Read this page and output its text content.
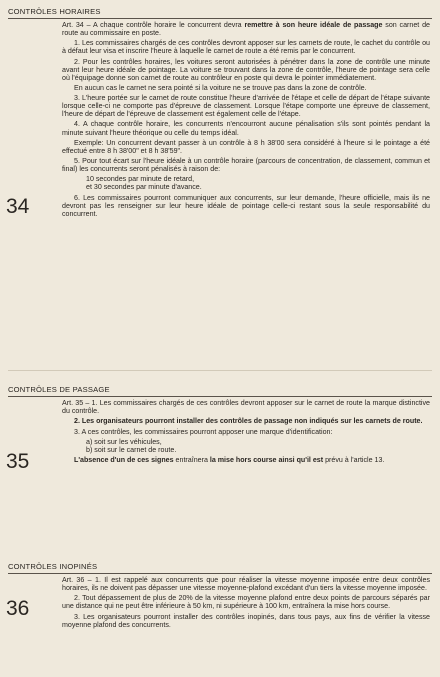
CONTRÔLES HORAIRES
34

Art. 34 – A chaque contrôle horaire le concurrent devra remettre à son heure idéale de passage son carnet de route au commissaire en poste.

1. Les commissaires chargés de ces contrôles devront apposer sur les carnets de route, le cachet du contrôle ou à défaut leur visa et inscrire l'heure à laquelle le carnet de route a été remis par le concurrent.

2. Pour les contrôles horaires, les voitures seront autorisées à pénétrer dans la zone de contrôle une minute avant leur heure idéale de pointage. La voiture se trouvant dans la zone de contrôle, l'heure de pointage sera celle où l'équipage donne son carnet de route au contrôleur en poste qui devra le pointer immédiatement.

En aucun cas le carnet ne sera pointé si la voiture ne se trouve pas dans la zone de contrôle.

3. L'heure portée sur le carnet de route constitue l'heure d'arrivée de l'étape et celle de départ de l'étape suivante lorsque celle-ci ne comporte pas d'épreuve de classement. Lorsque l'étape comporte une épreuve de classement, l'heure de départ de l'épreuve de classement est également celle de l'étape.

4. A chaque contrôle horaire, les concurrents n'encourront aucune pénalisation s'ils sont pointés pendant la minute suivant l'heure théorique ou celle du temps idéal.

Exemple: Un concurrent devant passer à un contrôle à 8 h 38'00 sera considéré à l'heure si le pointage a été effectué entre 8 h 38'00" et 8 h 38'59".

5. Pour tout écart sur l'heure idéale à un contrôle horaire (parcours de concentration, de classement, commun et final) les concurrents seront pénalisés à raison de:

10 secondes par minute de retard,

et 30 secondes par minute d'avance.

6. Les commissaires pourront communiquer aux concurrents, sur leur demande, l'heure officielle, mais ils ne devront pas les renseigner sur leur heure idéale de pointage celle-ci restant sous la seule responsabilité du concurrent.

CONTRÔLES DE PASSAGE
35

Art. 35 – 1. Les commissaires chargés de ces contrôles devront apposer sur le carnet de route la marque distinctive du contrôle.

2. Les organisateurs pourront installer des contrôles de passage non indiqués sur les carnets de route.

3. A ces contrôles, les commissaires pourront apposer une marque d'identification:

a) soit sur les véhicules,

b) soit sur le carnet de route.

L'absence d'un de ces signes entraînera la mise hors course ainsi qu'il est prévu à l'article 13.

CONTRÔLES INOPINÉS
36

Art. 36 – 1. Il est rappelé aux concurrents que pour réaliser la vitesse moyenne imposée entre deux contrôles horaires, ils ne doivent pas dépasser une vitesse moyenne-plafond excédant d'un tiers la vitesse moyenne imposée.

2. Tout dépassement de plus de 20% de la vitesse moyenne plafond entre deux points de parcours séparés par une distance qui ne peut être inférieure à 50 km, ni supérieure à 100 km, entraînera la mise hors course.

3. Les organisateurs pourront installer des contrôles inopinés, dans tous pays, aux fins de vérifier la vitesse moyenne plafond des concurrents.
